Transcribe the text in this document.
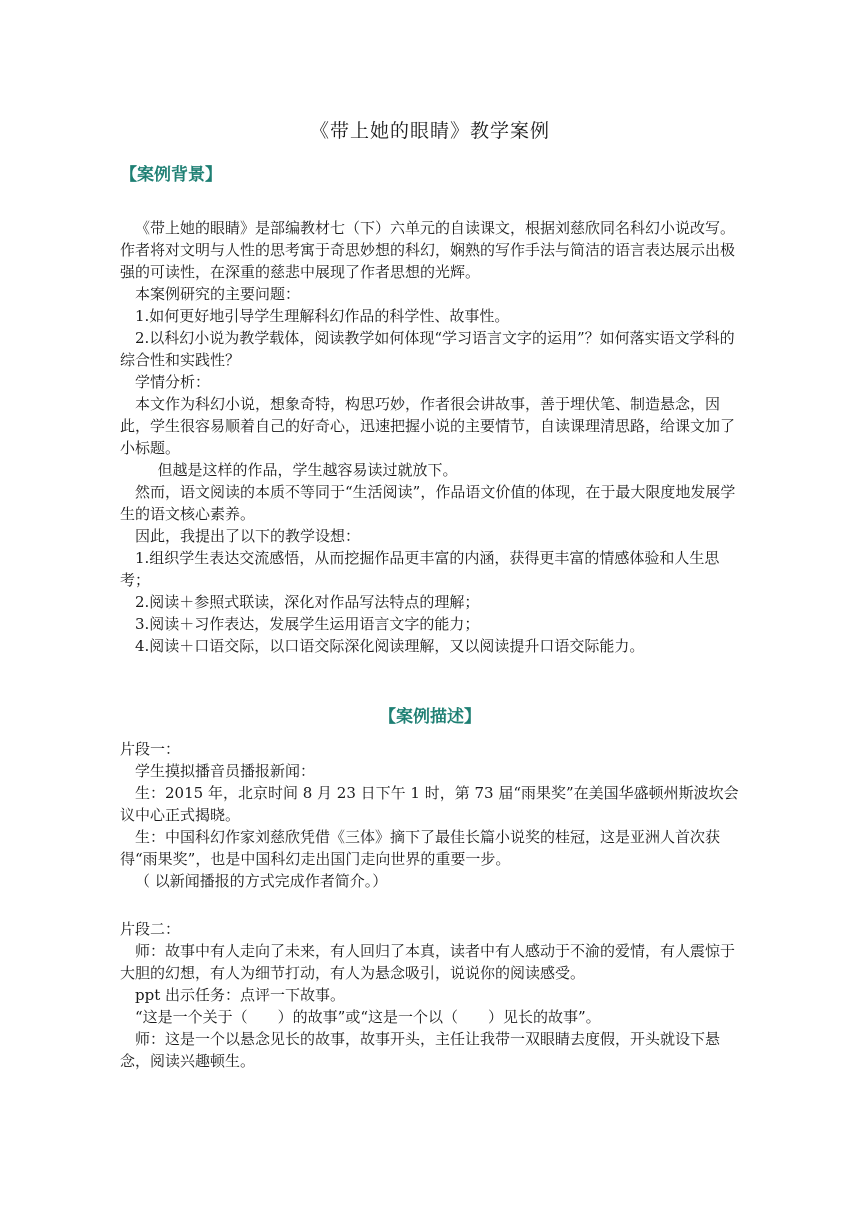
《带上她的眼睛》教学案例
【案例背景】

《带上她的眼睛》是部编教材七（下）六单元的自读课文，根据刘慈欣同名科幻小说改写。作者将对文明与人性的思考寓于奇思妙想的科幻，娴熟的写作手法与简洁的语言表达展示出极强的可读性，在深重的慈悲中展现了作者思想的光辉。

本案例研究的主要问题：

1.如何更好地引导学生理解科幻作品的科学性、故事性。

2.以科幻小说为教学载体，阅读教学如何体现“学习语言文字的运用”？如何落实语文学科的综合性和实践性？

学情分析：

本文作为科幻小说，想象奇特，构思巧妙，作者很会讲故事，善于埋伏笔、制造悬念，因此，学生很容易顺着自己的好奇心，迅速把握小说的主要情节，自读课理清思路，给课文加了小标题。

但越是这样的作品，学生越容易读过就放下。

然而，语文阅读的本质不等同于“生活阅读”，作品语文价值的体现，在于最大限度地发展学生的语文核心素养。

因此，我提出了以下的教学设想：

1.组织学生表达交流感悟，从而挖掘作品更丰富的内涵，获得更丰富的情感体验和人生思考；

2.阅读＋参照式联读，深化对作品写法特点的理解；

3.阅读＋习作表达，发展学生运用语言文字的能力；

4.阅读＋口语交际，以口语交际深化阅读理解，又以阅读提升口语交际能力。

【案例描述】

片段一：

学生摸拟播音员播报新闻：

生：2015 年，北京时间 8 月 23 日下午 1 时，第 73 届“雨果奖”在美国华盛顿州斯波坎会议中心正式揭晓。

生：中国科幻作家刘慈欣凭借《三体》摘下了最佳长篇小说奖的桂冠，这是亚洲人首次获得“雨果奖”，也是中国科幻走出国门走向世界的重要一步。

（ 以新闻播报的方式完成作者简介。）

片段二：

师：故事中有人走向了未来，有人回归了本真，读者中有人感动于不渝的爱情，有人震惊于大胆的幻想，有人为细节打动，有人为悬念吸引，说说你的阅读感受。

ppt 出示任务：点评一下故事。

“这是一个关于（　　）的故事”或“这是一个以（　　）见长的故事”。

师：这是一个以悬念见长的故事，故事开头，主任让我带一双眼睛去度假，开头就设下悬念，阅读兴趣顿生。
